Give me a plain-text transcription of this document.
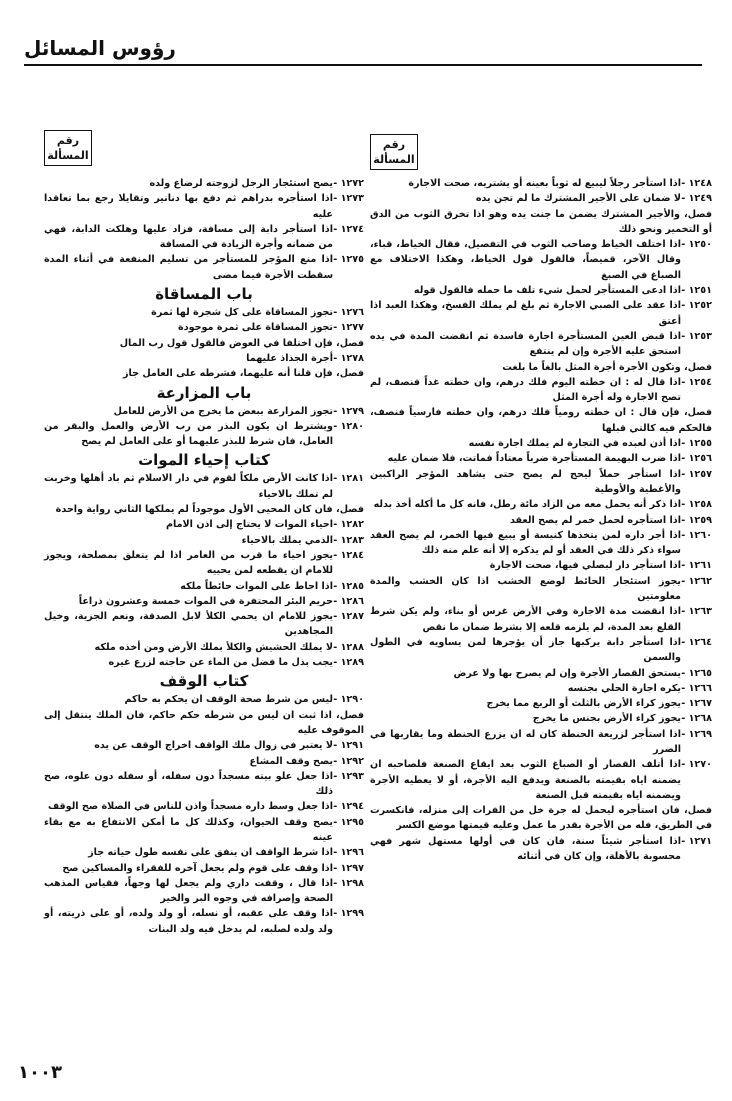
رؤوس المسائل
رقم
المسألة
١٢٤٨ -
اذا استأجر رجلاً ليبيع له ثوباً بعينه أو يشتريه، صحت الاجارة
١٢٤٩ -
لا ضمان على الأجير المشترك ما لم تجن يده
فصل، والأجير المشترك يضمن ما جنت يده وهو اذا تخرق الثوب من الدق أو التخمير ونحو ذلك
١٢٥٠ -
اذا اختلف الخياط وصاحب الثوب في التفصيل، فقال الخياط، قباء، وقال الآخر، قميصاً، فالقول قول الخياط، وهكذا الاختلاف مع الصباغ في الصبغ
١٢٥١ -
اذا ادعى المستأجر لحمل شيء تلف ما حمله فالقول قوله
١٢٥٢ -
اذا عقد على الصبي الاجارة ثم بلغ لم يملك الفسخ، وهكذا العبد اذا أعتق
١٢٥٣ -
اذا قبض العين المستأجرة اجارة فاسدة ثم انقضت المدة في يده استحق عليه الأجرة وإن لم ينتفع
فصل، وتكون الأجرة أجرة المثل بالغاً ما بلغت
١٢٥٤ -
اذا قال له : ان خطته اليوم فلك درهم، وان خطته غداً فنصف، لم تصح الاجارة وله أجرة المثل
فصل، فإن قال : ان خطته رومياً فلك درهم، وان خطته فارسياً فنصف، فالحكم فيه كالتي قبلها
١٢٥٥ -
اذا أذن لعبده في التجارة لم يملك اجارة نفسه
١٢٥٦ -
اذا ضرب البهيمة المستأجرة ضرباً معتاداً فماتت، فلا ضمان عليه
١٢٥٧ -
اذا استأجر حملاً ليحج لم يصح حتى يشاهد المؤجر الراكبين والأغطية والأوطية
١٢٥٨ -
اذا ذكر أنه يحمل معه من الزاد مائة رطل، فانه كل ما أكله أخذ بدله
١٢٥٩ -
اذا استأجره لحمل خمر لم يصح العقد
١٢٦٠ -
اذا أجر داره لمن يتخذها كنيسة أو يبيع فيها الخمر، لم يصح العقد سواء ذكر ذلك في العقد أو لم يذكره إلا أنه علم منه ذلك
١٢٦١ -
اذا استأجر دار لبصلي فيها، صحت الاجارة
١٢٦٢ -
يجوز استئجار الحائط لوضع الخشب اذا كان الخشب والمدة معلومتين
١٢٦٣ -
اذا انقضت مدة الاجارة وفي الأرض غرس أو بناء، ولم يكن شرط القلع بعد المدة، لم يلزمه قلعه إلا بشرط ضمان ما نقص
١٢٦٤ -
اذا استأجر دابة يركبها جاز أن يؤجرها لمن يساويه في الطول والسمن
١٢٦٥ -
يستحق القصار الأجرة وإن لم يصرح بها ولا عرض
١٢٦٦ -
يكره اجارة الحلي بجنسه
١٢٦٧ -
يجوز كراء الأرض بالثلث أو الربع مما يخرج
١٢٦٨ -
يجوز كراء الأرض بجنس ما يخرج
١٢٦٩ -
اذا استأجر لزريعة الحنطة كان له ان يزرع الحنطة وما يقاربها في الضرر
١٢٧٠ -
اذا أتلف القصار أو الصباغ الثوب بعد ايقاع الصنعة فلصاحبه ان يضمنه اياه بقيمته بالصنعة ويدفع اليه الأجرة، أو لا يعطيه الأجرة ويضمنه اياه بقيمته قبل الصنعة
فصل، فان استأجره ليحمل له جرة خل من الفرات إلى منزله، فانكسرت في الطريق، فله من الأجرة بقدر ما عمل وعليه قيمتها موضع الكسر
١٢٧١ -
اذا استأجر شيئاً سنة، فان كان في أولها مستهل شهر فهي محسوبة بالأهلة، وإن كان في أثنائه
رقم
المسألة
١٢٧٢ -
يصح استئجار الرجل لزوجته لرضاع ولده
١٢٧٣ -
اذا استأجره بدراهم ثم دفع بها دنانير وتقايلا رجع بما تعاقدا عليه
١٢٧٤ -
اذا استأجر دابة إلى مسافة، فزاد عليها وهلكت الدابة، فهي من ضمانه وأجرة الزيادة في المسافة
١٢٧٥ -
اذا منع المؤجر للمستأجر من تسليم المنفعة في أثناء المدة سقطت الأجرة فيما مضى
باب المساقاة
١٢٧٦ -
تجوز المساقاة على كل شجرة لها ثمرة
١٢٧٧ -
تجوز المساقاة على ثمرة موجودة
فصل، فإن اختلفا في العوض فالقول قول رب المال
١٢٧٨ -
أجرة الجذاذ عليهما
فصل، فإن قلنا أنه عليهما، فشرطه على العامل جاز
باب المزارعة
١٢٧٩ -
تجوز المزارعة ببعض ما يخرج من الأرض للعامل
١٢٨٠ -
ويشترط ان يكون البذر من رب الأرض والعمل والبقر من العامل، فان شرط للبذر عليهما أو على العامل لم يصح
كتاب إحياء الموات
١٢٨١ -
اذا كانت الأرض ملكاً لقوم في دار الاسلام ثم باد أهلها وخربت لم تملك بالاحياء
فصل، فان كان المحيى الأول موجوداً لم يملكها الثاني رواية واحدة
١٢٨٢ -
احياء الموات لا يحتاج إلى اذن الامام
١٢٨٣ -
الذمي يملك بالاحياء
١٢٨٤ -
يجوز احياء ما قرب من العامر اذا لم يتعلق بمصلحة، ويجوز للامام ان يقطعه لمن يحييه
١٢٨٥ -
اذا احاط على الموات حائطاً ملكه
١٢٨٦ -
حريم البئر المحتفرة في الموات خمسة وعشرون ذراعاً
١٢٨٧ -
يجوز للامام ان يحمي الكلأ لابل الصدقة، ونعم الجزية، وخيل المجاهدين
١٢٨٨ -
لا يملك الحشيش والكلأ بملك الأرض ومن أخذه ملكه
١٢٨٩ -
يجب بذل ما فضل من الماء عن حاجته لزرع غيره
كتاب الوقف
١٢٩٠ -
ليس من شرط صحة الوقف ان يحكم به حاكم
فصل، اذا ثبت ان ليس من شرطه حكم حاكم، فان الملك ينتقل إلى الموقوف عليه
١٢٩١ -
لا يعتبر في زوال ملك الواقف اخراج الوقف عن يده
١٢٩٢ -
يصح وقف المشاع
١٢٩٣ -
اذا جعل علو بيته مسجداً دون سفله، أو سفله دون علوه، صح ذلك
١٢٩٤ -
اذا جعل وسط داره مسجداً واذن للناس في الصلاة صح الوقف
١٢٩٥ -
يصح وقف الحيوان، وكذلك كل ما أمكن الانتفاع به مع بقاء عينه
١٢٩٦ -
اذا شرط الواقف ان ينفق على نفسه طول حياته جاز
١٢٩٧ -
اذا وقف على قوم ولم يجعل آخره للفقراء والمساكين صح
١٢٩٨ -
اذا قال ، وقفت داري ولم يجعل لها وجهاً، فقياس المذهب الصحة وإصرافه في وجوه البر والخير
١٢٩٩ -
اذا وقف على عقبه، أو نسله، أو ولد ولده، أو على ذريته، أو ولد ولده لصلبه، لم يدخل فيه ولد البنات
١٠٠٣
